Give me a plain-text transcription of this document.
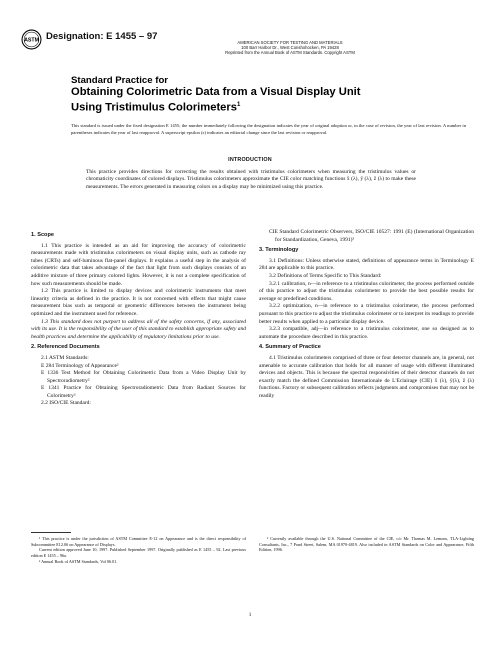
ASTM Designation: E 1455 – 97
AMERICAN SOCIETY FOR TESTING AND MATERIALS
100 Barr Harbor Dr., West Conshohocken, PA 19428
Reprinted from the Annual Book of ASTM Standards. Copyright ASTM
Standard Practice for
Obtaining Colorimetric Data from a Visual Display Unit
Using Tristimulus Colorimeters$^1$
This standard is issued under the fixed designation E 1455; the number immediately following the designation indicates the year of original adoption or, in the case of revision, the year of last revision. A number in parentheses indicates the year of last reapproval. A superscript epsilon (ε) indicates an editorial change since the last revision or reapproval.
INTRODUCTION
This practice provides directions for correcting the results obtained with tristimulus colorimeters when measuring the tristimulus values or chromaticity coordinates of colored displays. Tristimulus colorimeters approximate the CIE color matching functions x̄ (λ), ȳ (λ), z̄ (λ) to make these measurements. The errors generated in measuring colors on a display may be minimized using this practice.

1. Scope

1.1 This practice is intended as an aid for improving the accuracy of colorimetric measurements made with tristimulus colorimeters on visual display units, such as cathode ray tubes (CRTs) and self-luminous flat-panel displays. It explains a useful step in the analysis of colorimetric data that takes advantage of the fact that light from such displays consists of an additive mixture of three primary colored lights. However, it is not a complete specification of how such measurements should be made.

1.2 This practice is limited to display devices and colorimetric instruments that meet linearity criteria as defined in the practice. It is not concerned with effects that might cause measurement bias such as temporal or geometric differences between the instrument being optimized and the instrument used for reference.

1.3 This standard does not purport to address all of the safety concerns, if any, associated with its use. It is the responsibility of the user of this standard to establish appropriate safety and health practices and determine the applicability of regulatory limitations prior to use.

2. Referenced Documents

2.1 ASTM Standards:

E 284 Terminology of Appearance²

E 1336 Test Method for Obtaining Colorimetric Data from a Video Display Unit by Spectroradiometry²

E 1341 Practice for Obtaining Spectroradiometric Data from Radiant Sources for Colorimetry²

2.2 ISO/CIE Standard:

CIE Standard Colorimetric Observers, ISO/CIE 10527: 1991 (E) (International Organization for Standardization, Geneva, 1991)³

3. Terminology

3.1 Definitions: Unless otherwise stated, definitions of appearance terms in Terminology E 284 are applicable to this practice.

3.2 Definitions of Terms Specific to This Standard:

3.2.1 calibration, n—in reference to a tristimulus colorimeter, the process performed outside of this practice to adjust the tristimulus colorimeter to provide the best possible results for average or predefined conditions.

3.2.2 optimization, n—in reference to a tristimulus colorimeter, the process performed pursuant to this practice to adjust the tristimulus colorimeter or to interpret its readings to provide better results when applied to a particular display device.

3.2.3 compatible, adj—in reference to a tristimulus colorimeter, one so designed as to automate the procedure described in this practice.

4. Summary of Practice

4.1 Tristimulus colorimeters comprised of three or four detector channels are, in general, not amenable to accurate calibration that holds for all manner of usage with different illuminated devices and objects. This is because the spectral responsivities of their detector channels do not exactly match the defined Commission Internationale de L'Eclairage (CIE) x̄ (λ), ȳ(λ), z̄ (λ) functions. Factory or subsequent calibration reflects judgments and compromises that may not be readily

¹ This practice is under the jurisdiction of ASTM Committee E-12 on Appearance and is the direct responsibility of Subcommittee E12.06 on Appearance of Displays.

Current edition approved June 10, 1997. Published September 1997. Originally published as E 1455 – 92. Last previous edition E 1455 – 96a.

² Annual Book of ASTM Standards, Vol 06.01.

³ Currently available through the U.S. National Committee of the CIE, c/o Mr. Thomas M. Lemons, TLA-Lighting Consultants, Inc., 7 Pond Street, Salem, MA 01970-4819. Also included in ASTM Standards on Color and Appearance, Fifth Edition, 1996.

1
